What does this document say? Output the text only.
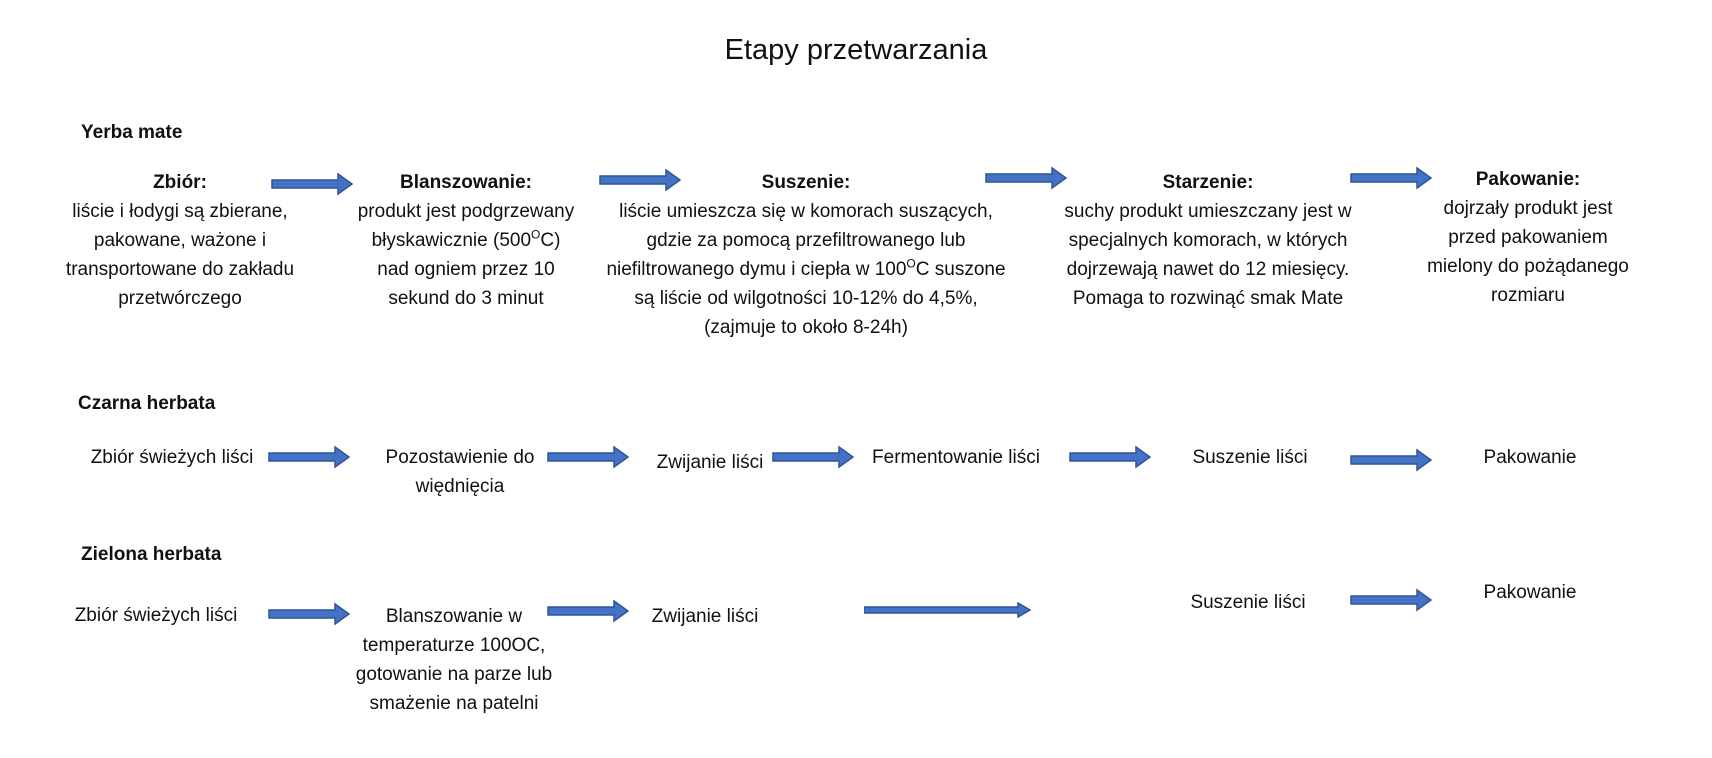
Etapy przetwarzania
Yerba mate
Zbiór:
liście i łodygi są zbierane, pakowane, ważone i transportowane do zakładu przetwórczego
Blanszowanie:
produkt jest podgrzewany błyskawicznie $(500^OC)$ nad ogniem przez 10 sekund do 3 minut
Suszenie:
liście umieszcza się w komorach suszących, gdzie za pomocą przefiltrowanego lub niefiltrowanego dymu i ciepła w $100^OC$ suszone są liście od wilgotności 10-12% do 4,5%, (zajmuje to około 8-24h)
Starzenie:
suchy produkt umieszczany jest w specjalnych komorach, w których dojrzewają nawet do 12 miesięcy. Pomaga to rozwinąć smak Mate
Pakowanie:
dojrzały produkt jest przed pakowaniem mielony do pożądanego rozmiaru
Czarna herbata
Zbiór świeżych liści	Pozostawienie do więdnięcia
Zwijanie liści	Fermentowanie liści	Suszenie liści	Pakowanie
Zielona herbata
Zbiór świeżych liści	Blanszowanie w temperaturze 100OC, gotowanie na parze lub smażenie na patelni
Zwijanie liści
Suszenie liści	Pakowanie
